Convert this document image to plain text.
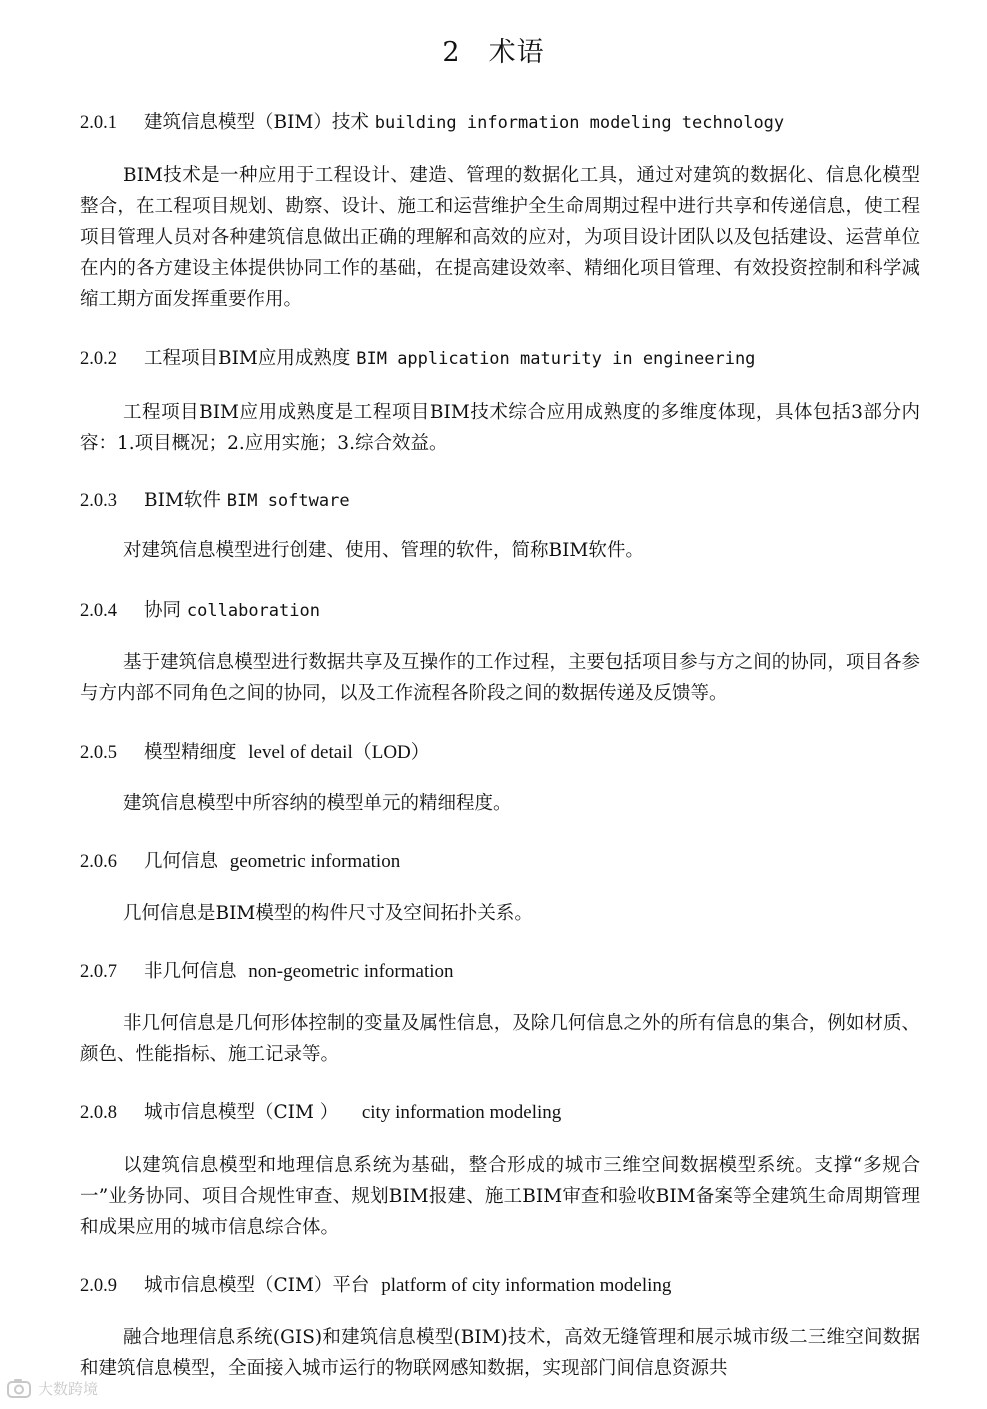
2　术语
2.0.1 建筑信息模型（BIM）技术 building information modeling technology
BIM技术是一种应用于工程设计、建造、管理的数据化工具，通过对建筑的数据化、信息化模型整合，在工程项目规划、勘察、设计、施工和运营维护全生命周期过程中进行共享和传递信息，使工程项目管理人员对各种建筑信息做出正确的理解和高效的应对，为项目设计团队以及包括建设、运营单位在内的各方建设主体提供协同工作的基础，在提高建设效率、精细化项目管理、有效投资控制和科学减缩工期方面发挥重要作用。
2.0.2 工程项目BIM应用成熟度 BIM application maturity in engineering
工程项目BIM应用成熟度是工程项目BIM技术综合应用成熟度的多维度体现，具体包括3部分内容：1.项目概况；2.应用实施；3.综合效益。
2.0.3 BIM软件 BIM software
对建筑信息模型进行创建、使用、管理的软件，简称BIM软件。
2.0.4 协同 collaboration
基于建筑信息模型进行数据共享及互操作的工作过程，主要包括项目参与方之间的协同，项目各参与方内部不同角色之间的协同，以及工作流程各阶段之间的数据传递及反馈等。
2.0.5 模型精细度 level of detail（LOD）
建筑信息模型中所容纳的模型单元的精细程度。
2.0.6 几何信息 geometric information
几何信息是BIM模型的构件尺寸及空间拓扑关系。
2.0.7 非几何信息 non-geometric information
非几何信息是几何形体控制的变量及属性信息，及除几何信息之外的所有信息的集合，例如材质、颜色、性能指标、施工记录等。
2.0.8 城市信息模型（CIM ） city information modeling
以建筑信息模型和地理信息系统为基础，整合形成的城市三维空间数据模型系统。支撑“多规合一”业务协同、项目合规性审查、规划BIM报建、施工BIM审查和验收BIM备案等全建筑生命周期管理和成果应用的城市信息综合体。
2.0.9 城市信息模型（CIM）平台 platform of city information modeling
融合地理信息系统(GIS)和建筑信息模型(BIM)技术，高效无缝管理和展示城市级二三维空间数据和建筑信息模型，全面接入城市运行的物联网感知数据，实现部门间信息资源共
大数跨境
